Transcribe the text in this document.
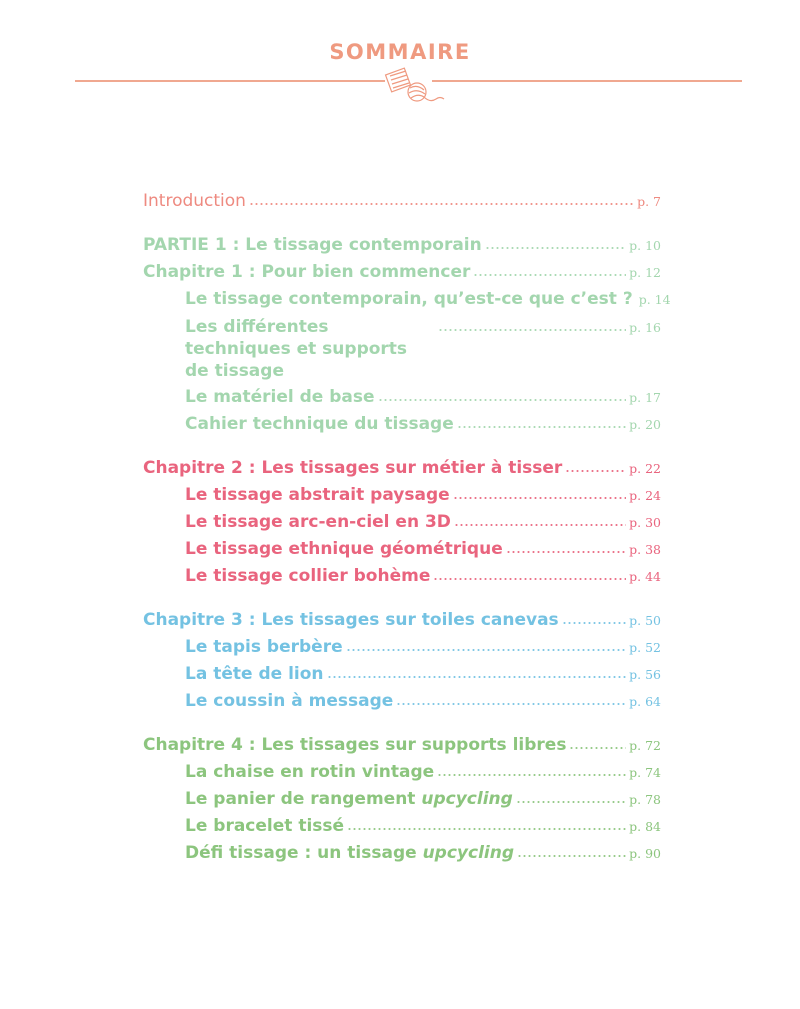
SOMMAIRE
Introduction	p. 7
PARTIE 1 : Le tissage contemporain	p. 10
Chapitre 1 : Pour bien commencer	p. 12
Le tissage contemporain, qu’est-ce que c’est ? p. 14
Les différentes techniques et supports de tissage
p. 16
Le matériel de base	p. 17
Cahier technique du tissage	p. 20
Chapitre 2 : Les tissages sur métier à tisser	p. 22
Le tissage abstrait paysage	p. 24
Le tissage arc-en-ciel en 3D	p. 30
Le tissage ethnique géométrique	p. 38
Le tissage collier bohème	p. 44
Chapitre 3 : Les tissages sur toiles canevas	p. 50
Le tapis berbère	p. 52
La tête de lion	p. 56
Le coussin à message	p. 64
Chapitre 4 : Les tissages sur supports libres	p. 72
La chaise en rotin vintage	p. 74
Le panier de rangement upcycling	p. 78
Le bracelet tissé	p. 84
Défi tissage : un tissage upcycling	p. 90
